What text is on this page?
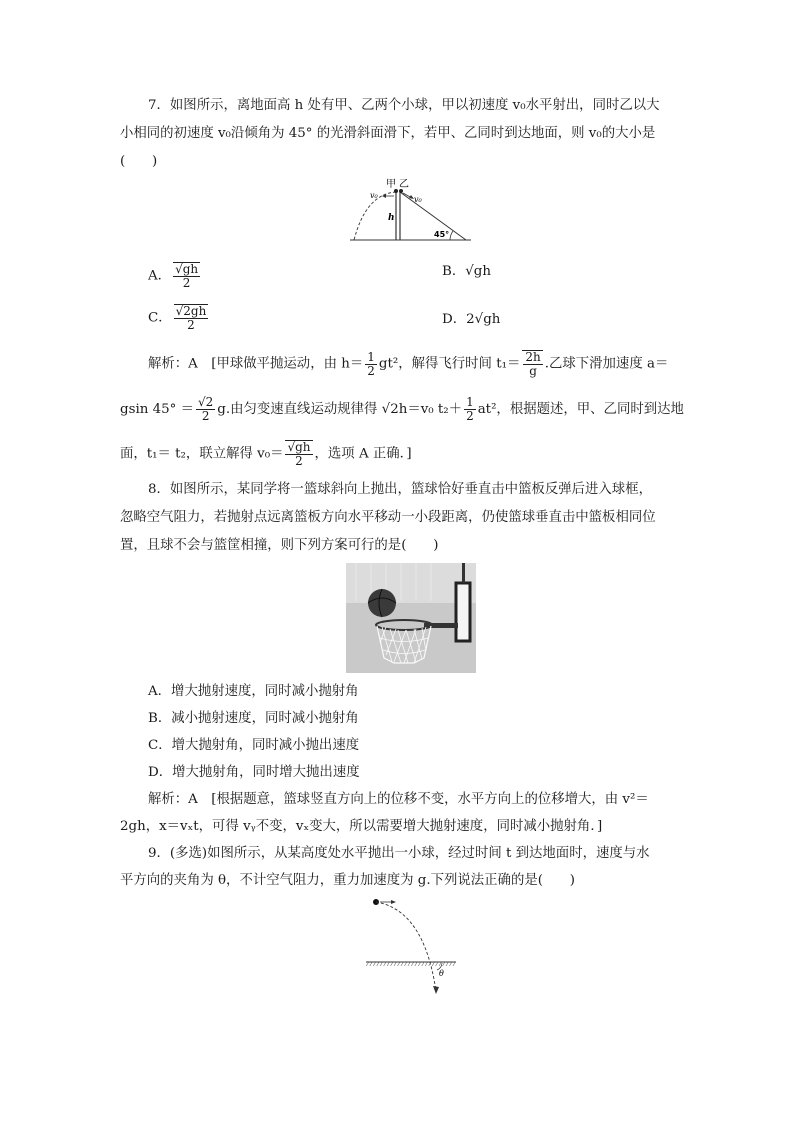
7．如图所示，离地面高 h 处有甲、乙两个小球，甲以初速度 v₀水平射出，同时乙以大
小相同的初速度 v₀沿倾角为 45° 的光滑斜面滑下，若甲、乙同时到达地面，则 v₀的大小是
(　　)
v₀	v₀
甲 乙
h
45°
A． $\frac{√gh}{2}$	B．√gh
C． $\frac{√2gh}{2}$	D．2√gh
解析：A　[甲球做平抛运动，由 $h= \frac{1}{2} gt^2$，解得飞行时间 $t_1= \frac{2h}{g}$ .乙球下滑加速度 a＝
gsin $45^\circ = \frac{√2}{2} g$.由匀变速直线运动规律得 √2h＝v₀ $t_2+ \frac{1}{2} at^2$，根据题述，甲、乙同时到达地
面，t₁＝ t₂，联立解得 $v_0= \frac{√gh}{2}$ ，选项 A 正确．]
8．如图所示，某同学将一篮球斜向上抛出，篮球恰好垂直击中篮板反弹后进入球框，
忽略空气阻力，若抛射点远离篮板方向水平移动一小段距离，仍使篮球垂直击中篮板相同位
置，且球不会与篮筐相撞，则下列方案可行的是(　　)
A．增大抛射速度，同时减小抛射角
B．减小抛射速度，同时减小抛射角
C．增大抛射角，同时减小抛出速度
D．增大抛射角，同时增大抛出速度
解析：A　[根据题意，篮球竖直方向上的位移不变，水平方向上的位移增大，由 v²＝
2gh，x＝vₓt，可得 vᵧ不变，vₓ变大，所以需要增大抛射速度，同时减小抛射角．]
9．(多选)如图所示，从某高度处水平抛出一小球，经过时间 t 到达地面时，速度与水
平方向的夹角为 θ，不计空气阻力，重力加速度为 g.下列说法正确的是(　　)
θ
